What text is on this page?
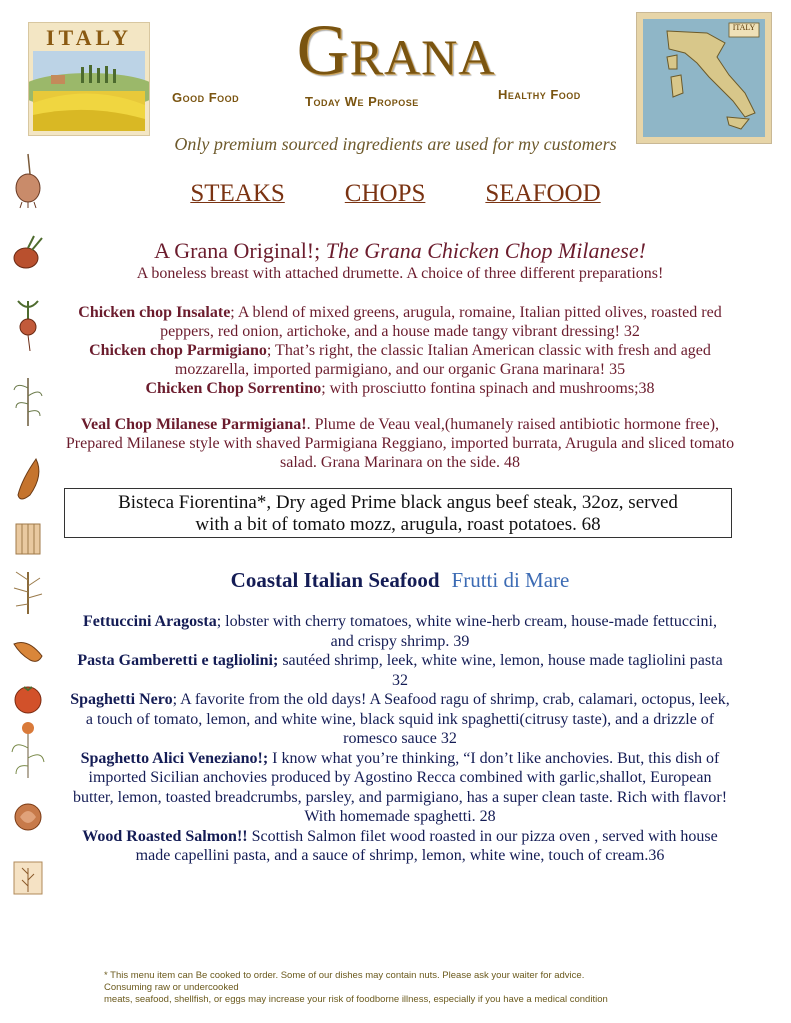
ITALY	Grana
Good Food	Today We Propose	Healthy Food
ITALY
Only premium sourced ingredients are used for my customers
STEAKS CHOPS SEAFOOD
A Grana Original!; The Grana Chicken Chop Milanese!
A boneless breast with attached drumette. A choice of three different preparations!
Chicken chop Insalate; A blend of mixed greens, arugula, romaine, Italian pitted olives, roasted red peppers, red onion, artichoke, and a house made tangy vibrant dressing! 32
Chicken chop Parmigiano; That’s right, the classic Italian American classic with fresh and aged mozzarella, imported parmigiano, and our organic Grana marinara! 35
Chicken Chop Sorrentino; with prosciutto fontina spinach and mushrooms;38
Veal Chop Milanese Parmigiana!. Plume de Veau veal,(humanely raised antibiotic hormone free), Prepared Milanese style with shaved Parmigiana Reggiano, imported burrata, Arugula and sliced tomato salad. Grana Marinara on the side. 48
Bisteca Fiorentina*, Dry aged Prime black angus beef steak, 32oz, served
with a bit of tomato mozz, arugula, roast potatoes. 68
Coastal Italian Seafood Frutti di Mare
Fettuccini Aragosta; lobster with cherry tomatoes, white wine-herb cream, house-made fettuccini, and crispy shrimp. 39
Pasta Gamberetti e tagliolini; sautéed shrimp, leek, white wine, lemon, house made tagliolini pasta 32
Spaghetti Nero; A favorite from the old days! A Seafood ragu of shrimp, crab, calamari, octopus, leek, a touch of tomato, lemon, and white wine, black squid ink spaghetti(citrusy taste), and a drizzle of romesco sauce 32
Spaghetto Alici Veneziano!; I know what you’re thinking, “I don’t like anchovies. But, this dish of imported Sicilian anchovies produced by Agostino Recca combined with garlic,shallot, European butter, lemon, toasted breadcrumbs, parsley, and parmigiano, has a super clean taste. Rich with flavor! With homemade spaghetti. 28
Wood Roasted Salmon!! Scottish Salmon filet wood roasted in our pizza oven , served with house made capellini pasta, and a sauce of shrimp, lemon, white wine, touch of cream.36
* This menu item can Be cooked to order. Some of our dishes may contain nuts. Please ask your waiter for advice.
Consuming raw or undercooked
meats, seafood, shellfish, or eggs may increase your risk of foodborne illness, especially if you have a medical condition
